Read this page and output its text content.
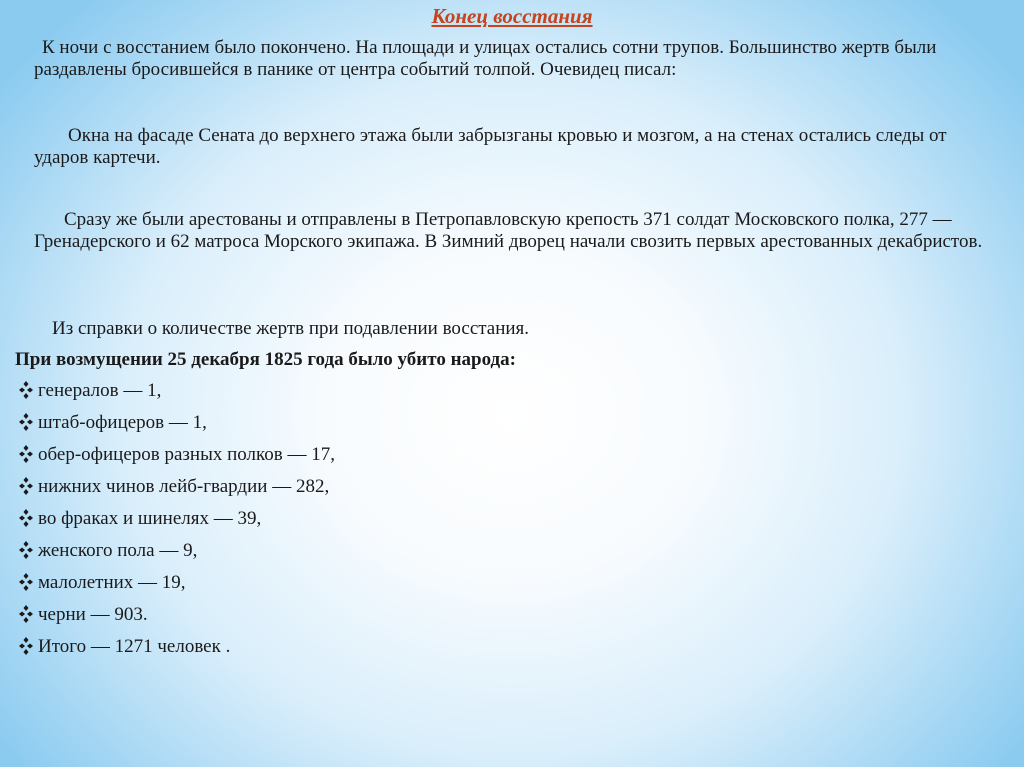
Конец восстания

К ночи с восстанием было покончено. На площади и улицах остались сотни трупов. Большинство жертв были раздавлены бросившейся в панике от центра событий толпой. Очевидец писал:

Окна на фасаде Сената до верхнего этажа были забрызганы кровью и мозгом, а на стенах остались следы от ударов картечи.

Сразу же были арестованы и отправлены в Петропавловскую крепость 371 солдат Московского полка, 277 — Гренадерского и 62 матроса Морского экипажа. В Зимний дворец начали свозить первых арестованных декабристов.

Из справки о количестве жертв при подавлении восстания.

При возмущении 25 декабря 1825 года было убито народа:

генералов — 1,
штаб-офицеров — 1,
обер-офицеров разных полков — 17,
нижних чинов лейб-гвардии — 282,
во фраках и шинелях — 39,
женского пола — 9,
малолетних — 19,
черни — 903.
Итого — 1271 человек .
